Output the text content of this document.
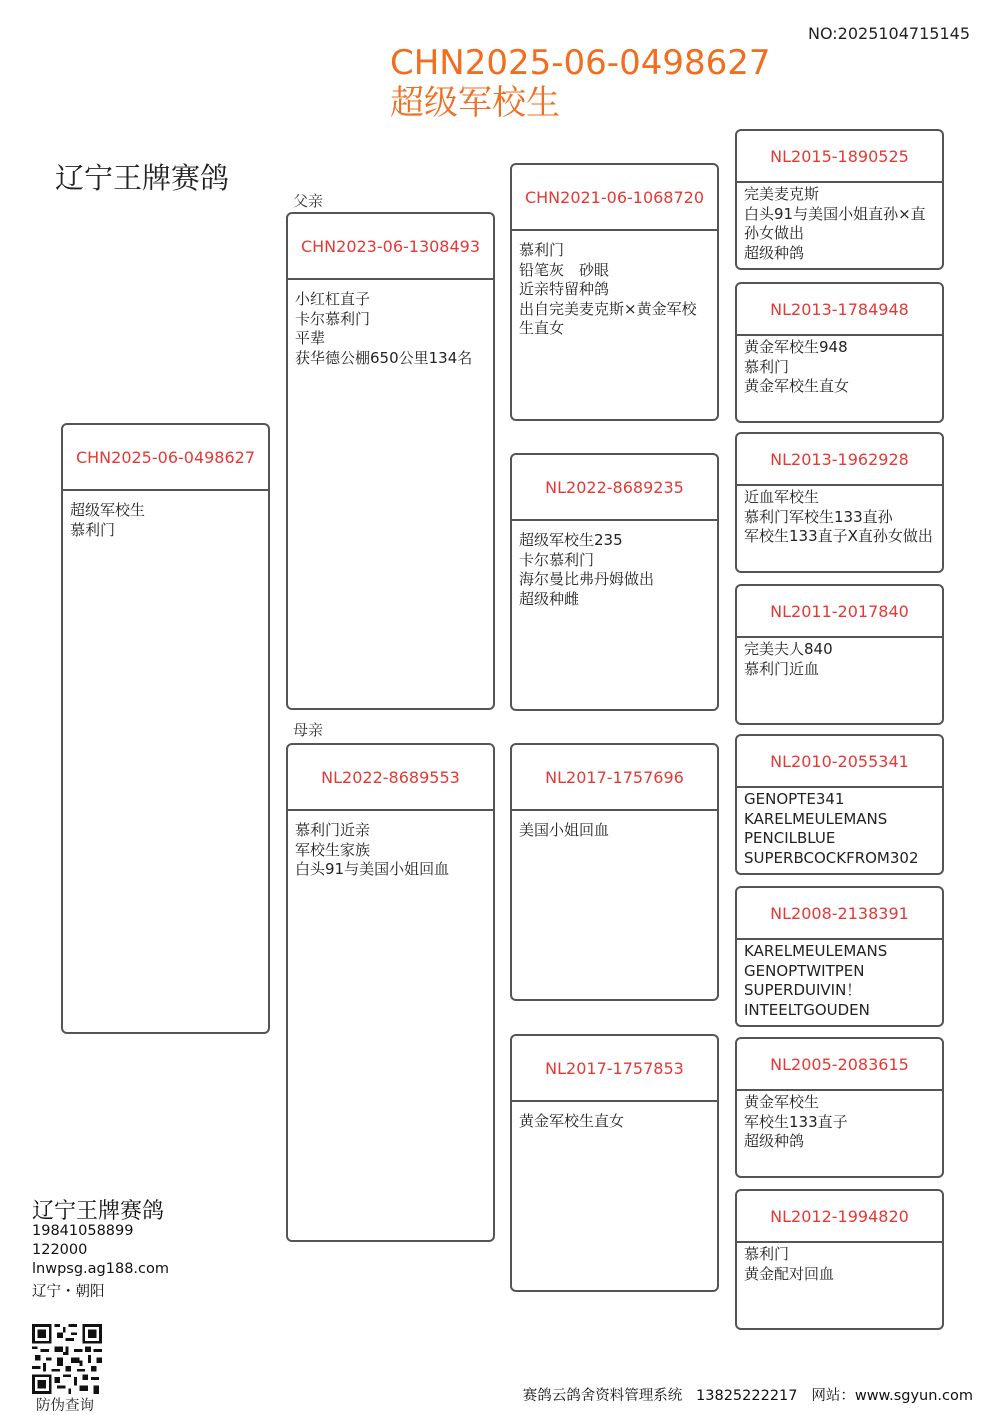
NO:2025104715145
CHN2025-06-0498627
超级军校生
辽宁王牌赛鸽
父亲
母亲
CHN2025-06-0498627
超级军校生
慕利门
CHN2023-06-1308493
小红杠直子
卡尔慕利门
平辈
获华德公棚650公里134名
NL2022-8689553
慕利门近亲
军校生家族
白头91与美国小姐回血
CHN2021-06-1068720
慕利门
铅笔灰　砂眼
近亲特留种鸽
出自完美麦克斯×黄金军校生直女
NL2022-8689235
超级军校生235
卡尔慕利门
海尔曼比弗丹姆做出
超级种雌
NL2017-1757696
美国小姐回血
NL2017-1757853
黄金军校生直女
NL2015-1890525
完美麦克斯
白头91与美国小姐直孙×直孙女做出
超级种鸽
NL2013-1784948
黄金军校生948
慕利门
黄金军校生直女
NL2013-1962928
近血军校生
慕利门军校生133直孙
军校生133直子X直孙女做出
NL2011-2017840
完美夫人840
慕利门近血
NL2010-2055341
GENOPTE341
KARELMEULEMANS
PENCILBLUE
SUPERBCOCKFROM302
NL2008-2138391
KARELMEULEMANS
GENOPTWITPEN
SUPERDUIVIN！
INTEELTGOUDEN
NL2005-2083615
黄金军校生
军校生133直子
超级种鸽
NL2012-1994820
慕利门
黄金配对回血
辽宁王牌赛鸽
19841058899
122000
lnwpsg.ag188.com
辽宁・朝阳
防伪查询
赛鸽云鸽舍资料管理系统 13825222217 网站：www.sgyun.com
